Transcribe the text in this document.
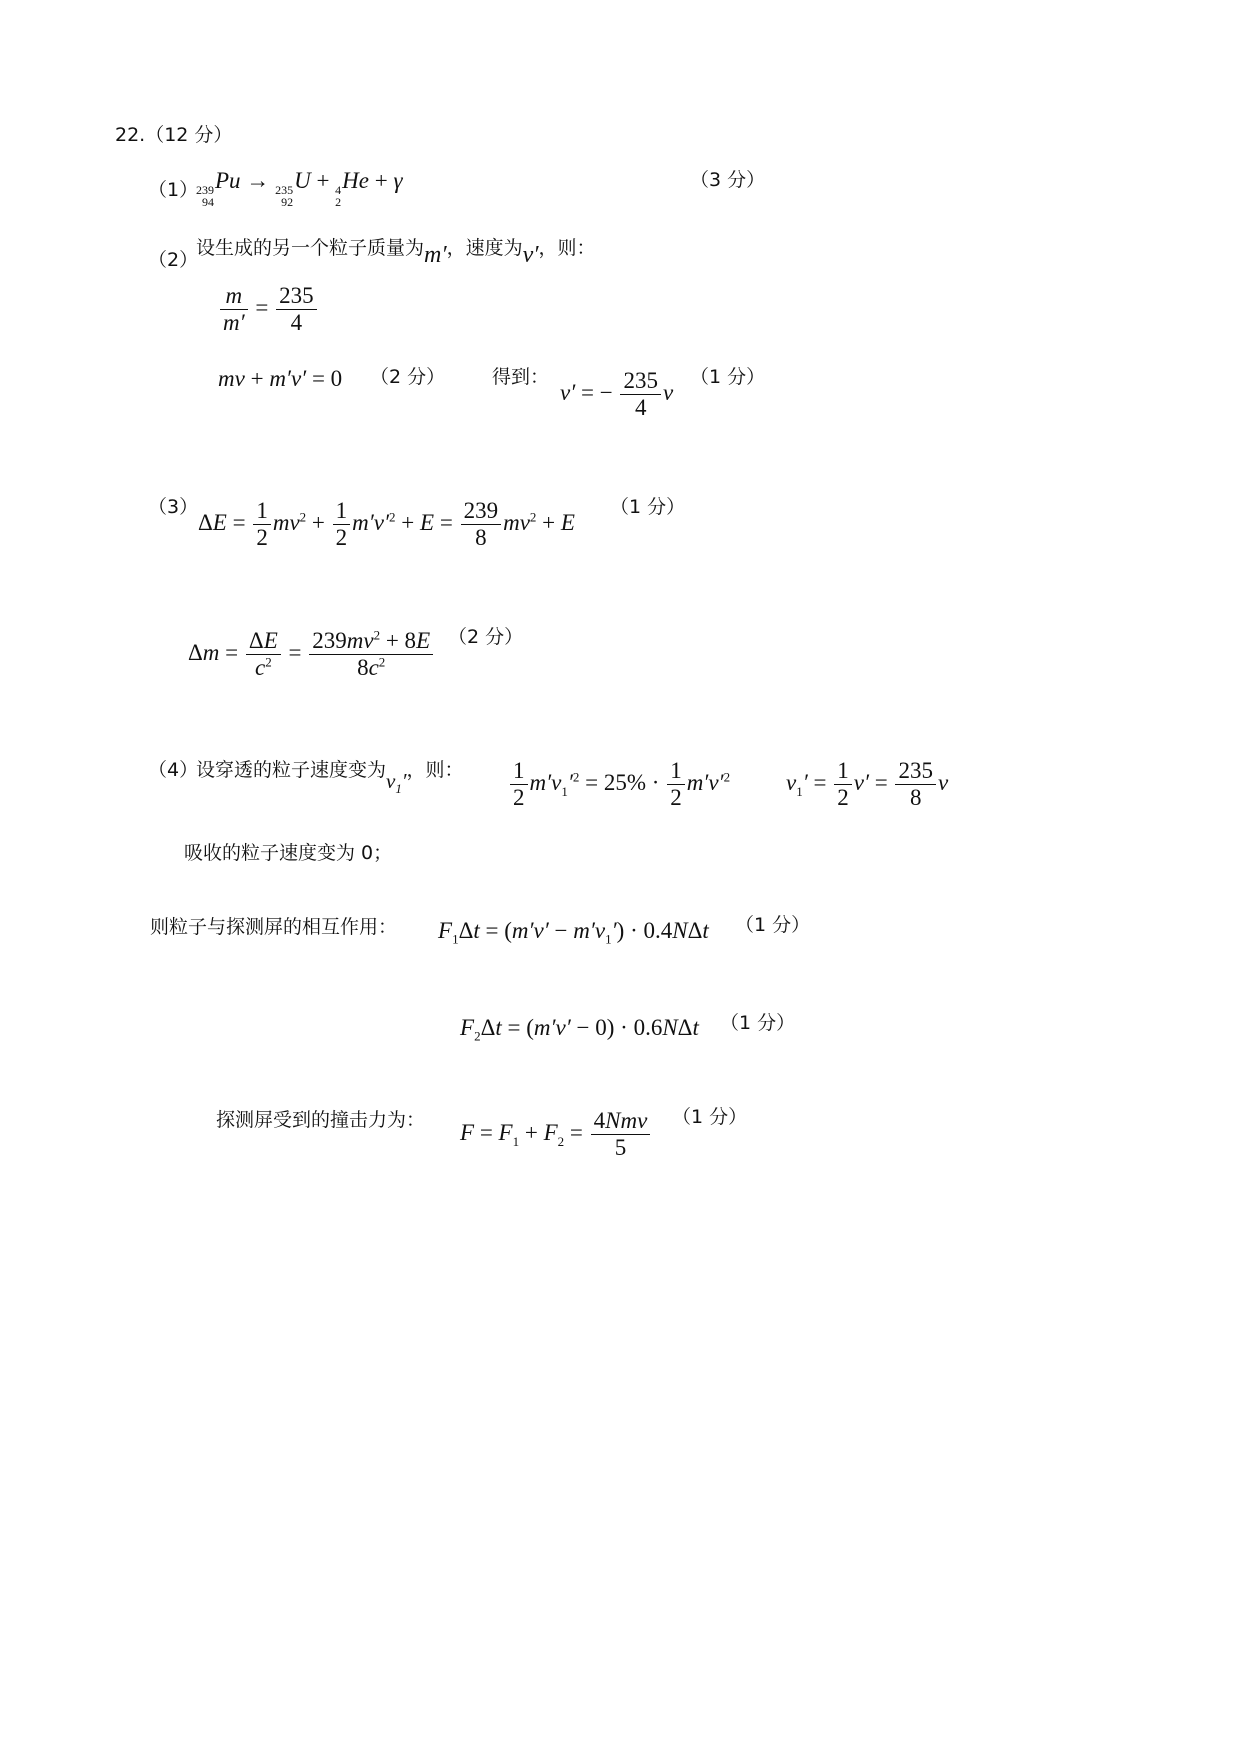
22.（12 分）
（1）
239
94
Pu → 235
92
U + 4
2
He + γ	（3 分）
（2）
设生成的另一个粒子质量为m′，速度为v′，则：
$\frac{m}{m'} = \frac{235}{4}$
mv + m′v′ = 0 （2 分） 得到：
v′ = − $\frac{235}{4}$ v
（1 分）
（3）
$\Delta E = \frac{1}{2} mv^2 + \frac{1}{2} m'v'^2 + E = \frac{239}{8} mv^2 + E$
（1 分）
$\Delta m = \frac{\Delta E}{c^2} = \frac{239mv^2 + 8E}{8c^2} (2$ 分）
（4）
设穿透的粒子速度变为$v_1'$，则： $\frac{1}{2} m'v_1'^2 = 25\% \cdot \frac{1}{2} m'v'^2$ $v_1' = \frac{1}{2} v' = \frac{235}{8}$ v
吸收的粒子速度变为 0；
则粒子与探测屏的相互作用： $F_1\Delta t = (m'v' - m'v_1') \cdot 0.4N\Delta t$ （1 分）
$F_2\Delta t = (m'v' - 0) \cdot 0.6N\Delta t$ （1 分）
探测屏受到的撞击力为：
$F = F_1 + F_2 = \frac{\text{4Nmv}}{5} (1$ 分）
